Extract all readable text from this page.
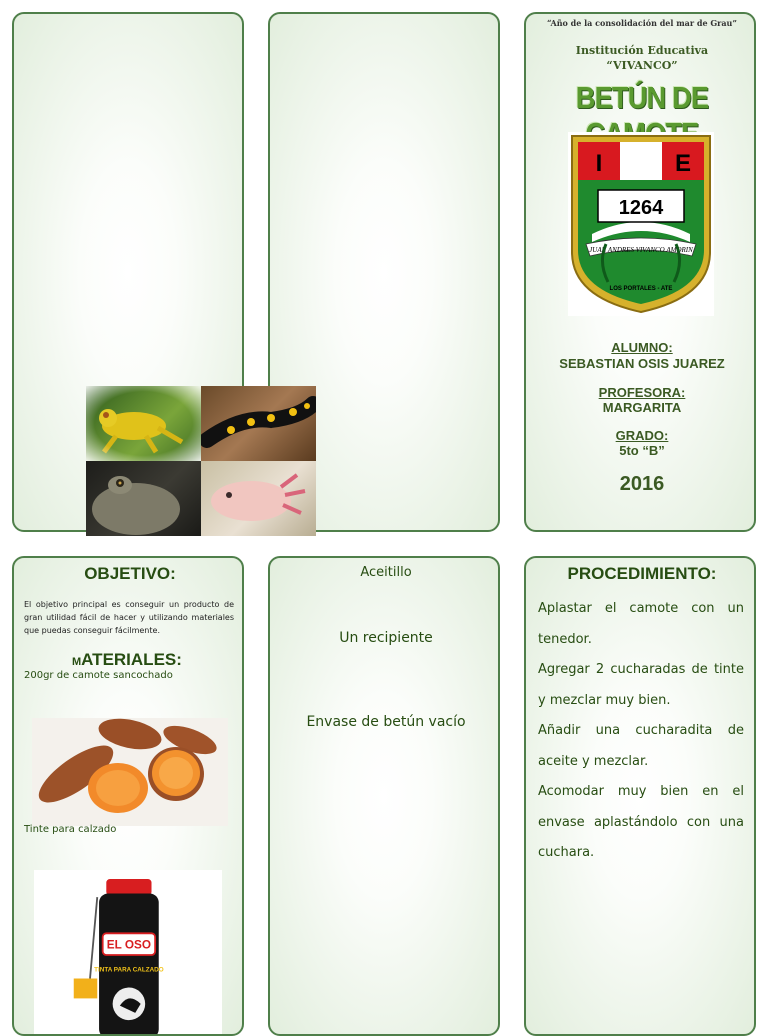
“Año de la consolidación del mar de Grau”
Institución Educativa
“VIVANCO”
BETÚN DE
I	E
1264
JUAN ANDRES VIVANCO AMORIN
LOS PORTALES - ATE
ALUMNO:
SEBASTIAN OSIS JUAREZ
PROFESORA:
MARGARITA
GRADO:
5to “B”
2016
OBJETIVO:
El objetivo principal es conseguir un producto de gran utilidad fácil de hacer y utilizando materiales que puedas conseguir fácilmente.
MATERIALES:
200gr de camote sancochado
Tinte para calzado
EL OSO
TINTA PARA CALZADO
Aceitillo
Un recipiente
Envase de betún vacío
PROCEDIMIENTO:

Aplastar el camote con un tenedor.

Agregar 2 cucharadas de tinte y mezclar muy bien.

Añadir una cucharadita de aceite y mezclar.

Acomodar muy bien en el envase aplastándolo con una cuchara.
